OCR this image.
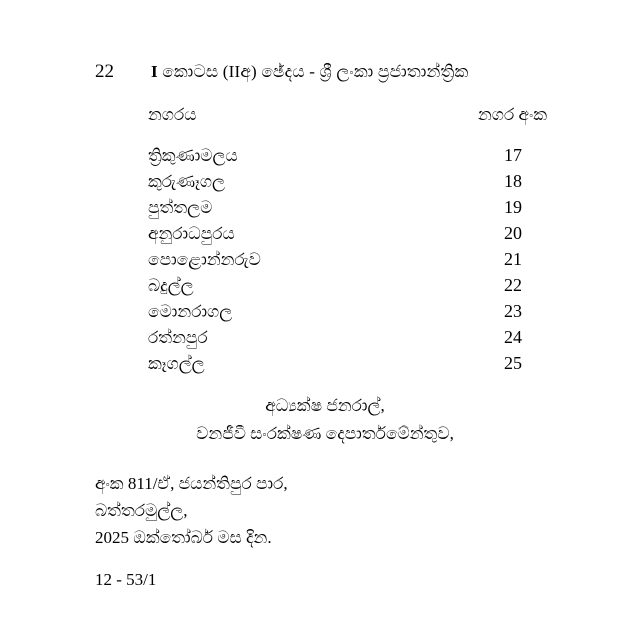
22	I කොටස (IIඅ) ඡේදය - ශ්‍රී ලංකා ප්‍රජාතාන්ත්‍රික
නගරය	නගර අංක
ත්‍රිකුණාමලය	17
කුරුණෑගල	18
පුත්තලම	19
අනුරාධපුරය	20
පොළොන්නරුව	21
බදුල්ල	22
මොනරාගල	23
රත්නපුර	24
කෑගල්ල	25
අධ්‍යක්ෂ ජනරාල්,
වනජීවී සංරක්ෂණ දෙපාර්තමේන්තුව,
අංක 811/ඒ, ජයන්තිපුර පාර,
බත්තරමුල්ල,
2025 ඔක්තෝබර් මස දින.
12 - 53/1
